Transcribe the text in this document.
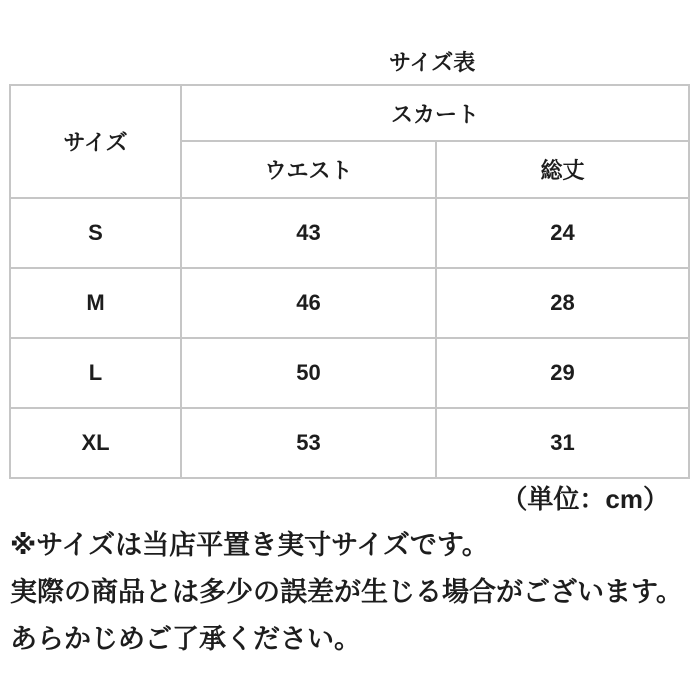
サイズ表
サイズ	スカート	
	ウエスト	総丈
S	43	24
M	46	28
L	50	29
XL	53	31
（単位：cm）
※サイズは当店平置き実寸サイズです。
実際の商品とは多少の誤差が生じる場合がございます。
あらかじめご了承ください。
